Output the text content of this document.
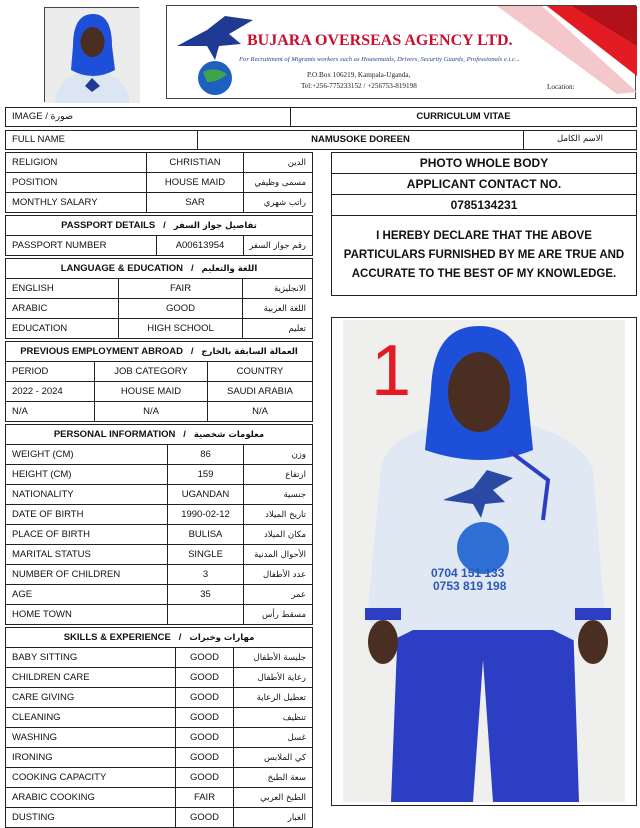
BUJARA OVERSEAS AGENCY LTD.
For Recruitment of Migrants workers such as Housemaids, Drivers, Security Guards, Professionals e.t.c...
P.O.Box 106219, Kampala-Uganda,
Tel:+256-775233152 / +256753-819198	Location:
IMAGE / صورة	CURRICULUM VITAE
FULL NAME	NAMUSOKE DOREEN	الاسم الكامل
RELIGION	CHRISTIAN	الدين
POSITION	HOUSE MAID	مسمى وظيفي
MONTHLY SALARY	SAR	راتب شهري
PASSPORT DETAILS   /   تفاصيل جواز السفر
PASSPORT NUMBER	A00613954	رقم جواز السفر
LANGUAGE & EDUCATION   /   اللغة والتعليم		
ENGLISH	FAIR	الانجليزية
ARABIC	GOOD	اللغة العربية
EDUCATION	HIGH SCHOOL	تعليم
PREVIOUS EMPLOYMENT ABROAD   /   العمالة السابقة بالخارج		
PERIOD	JOB CATEGORY	COUNTRY
2022 - 2024	HOUSE MAID	SAUDI ARABIA
N/A	N/A	N/A
PERSONAL INFORMATION   /   معلومات شخصية		
WEIGHT (CM)	86	وزن
HEIGHT (CM)	159	ارتفاع
NATIONALITY	UGANDAN	جنسية
DATE OF BIRTH	1990-02-12	تاريخ الميلاد
PLACE OF BIRTH	BULISA	مكان الميلاد
MARITAL STATUS	SINGLE	الأحوال المدنية
NUMBER OF CHILDREN	3	عدد الأطفال
AGE	35	عمر
HOME TOWN		مسقط رأس
SKILLS & EXPERIENCE   /   مهارات وخبرات		
BABY SITTING	GOOD	جليسة الأطفال
CHILDREN CARE	GOOD	رعاية الأطفال
CARE GIVING	GOOD	تعطيل الرعاية
CLEANING	GOOD	تنظيف
WASHING	GOOD	غسل
IRONING	GOOD	كي الملابس
COOKING CAPACITY	GOOD	سعة الطبخ
ARABIC COOKING	FAIR	الطبخ العربي
DUSTING	GOOD	الغبار
PHOTO WHOLE BODY
APPLICANT CONTACT NO.
0785134231
I HEREBY DECLARE THAT THE ABOVE PARTICULARS FURNISHED BY ME ARE TRUE AND ACCURATE TO THE BEST OF MY KNOWLEDGE.
1
0704 151 133
0753 819 198
